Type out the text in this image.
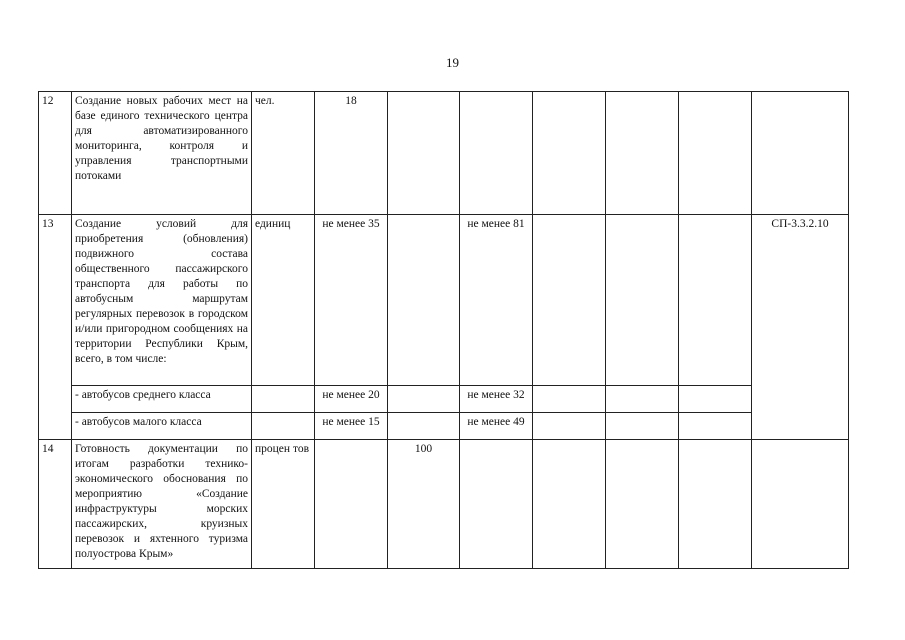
19
12	Создание новых рабочих мест на базе единого технического центра для автоматизированного мониторинга, контроля и управления транспортными потоками	чел.	18						
13	Создание условий для приобретения (обновления) подвижного состава общественного пассажирского транспорта для работы по автобусным маршрутам регулярных перевозок в городском и/или пригородном сообщениях на территории Республики Крым, всего, в том числе:	единиц	не менее 35		не менее 81				СП-3.3.2.10
	- автобусов среднего класса		не менее 20		не менее 32				
	- автобусов малого класса		не менее 15		не менее 49				
14	Готовность документации по итогам разработки технико-экономического обоснования по мероприятию «Создание инфраструктуры морских пассажирских, круизных перевозок и яхтенного туризма полуострова Крым»	процен тов		100					
